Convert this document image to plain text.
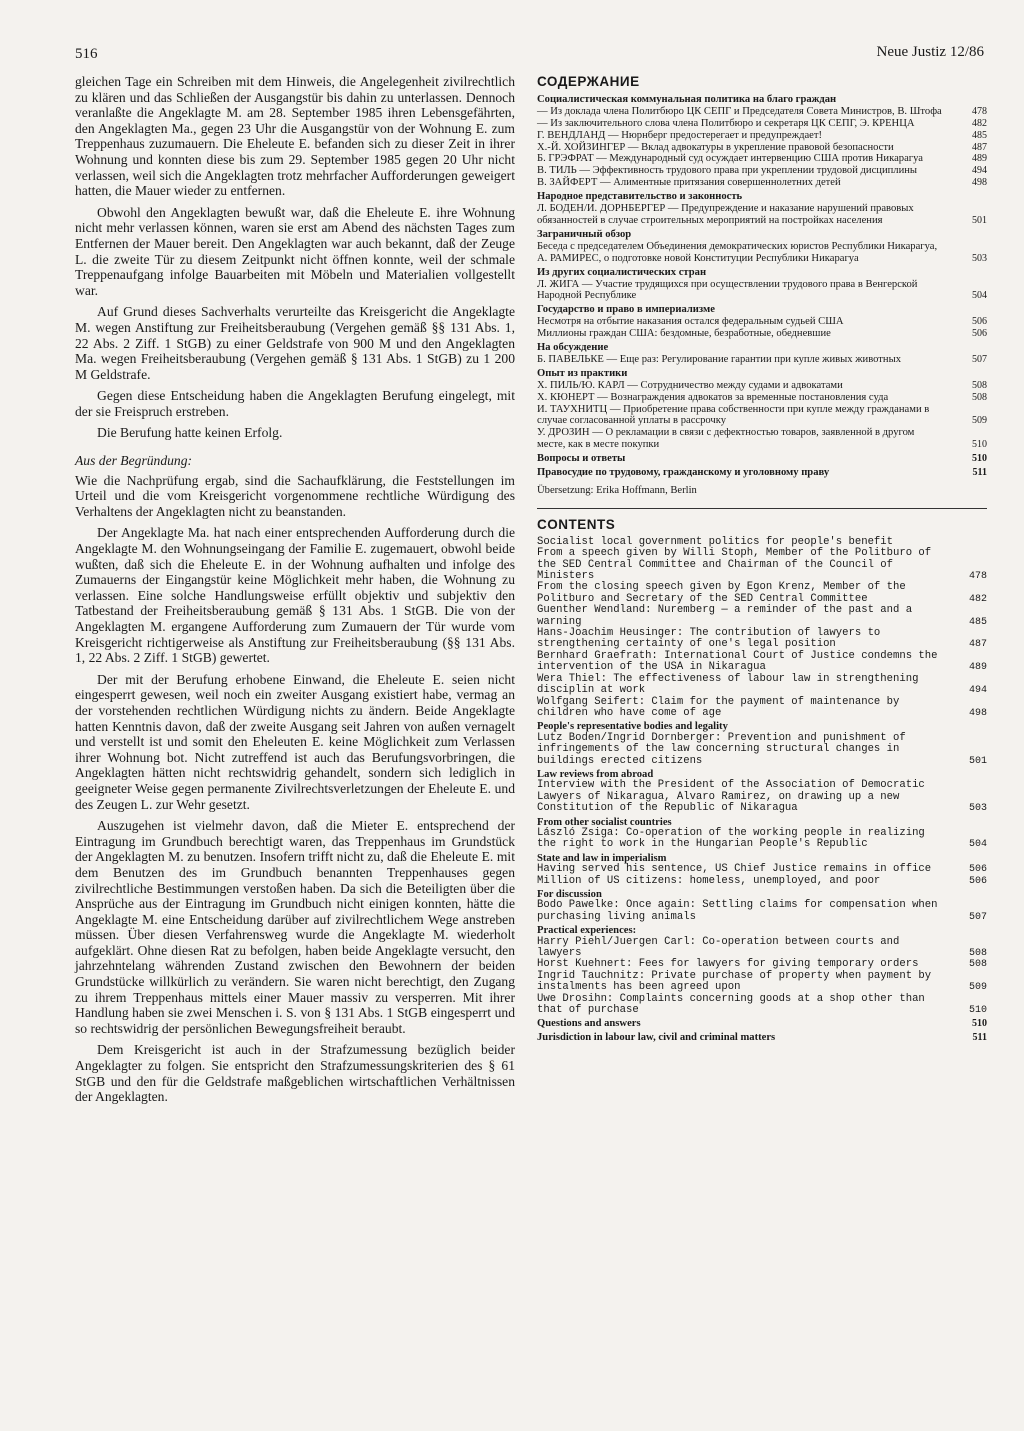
516	Neue Justiz 12/86

gleichen Tage ein Schreiben mit dem Hinweis, die Angelegenheit zivilrechtlich zu klären und das Schließen der Ausgangstür bis dahin zu unterlassen. Dennoch veranlaßte die Angeklagte M. am 28. September 1985 ihren Lebensgefährten, den Angeklagten Ma., gegen 23 Uhr die Ausgangstür von der Wohnung E. zum Treppenhaus zuzumauern. Die Eheleute E. befanden sich zu dieser Zeit in ihrer Wohnung und konnten diese bis zum 29. September 1985 gegen 20 Uhr nicht verlassen, weil sich die Angeklagten trotz mehrfacher Aufforderungen geweigert hatten, die Mauer wieder zu entfernen.

Obwohl den Angeklagten bewußt war, daß die Eheleute E. ihre Wohnung nicht mehr verlassen können, waren sie erst am Abend des nächsten Tages zum Entfernen der Mauer bereit. Den Angeklagten war auch bekannt, daß der Zeuge L. die zweite Tür zu diesem Zeitpunkt nicht öffnen konnte, weil der schmale Treppenaufgang infolge Bauarbeiten mit Möbeln und Materialien vollgestellt war.

Auf Grund dieses Sachverhalts verurteilte das Kreisgericht die Angeklagte M. wegen Anstiftung zur Freiheitsberaubung (Vergehen gemäß §§ 131 Abs. 1, 22 Abs. 2 Ziff. 1 StGB) zu einer Geldstrafe von 900 M und den Angeklagten Ma. wegen Freiheitsberaubung (Vergehen gemäß § 131 Abs. 1 StGB) zu 1 200 M Geldstrafe.

Gegen diese Entscheidung haben die Angeklagten Berufung eingelegt, mit der sie Freispruch erstreben.

Die Berufung hatte keinen Erfolg.

Aus der Begründung:

Wie die Nachprüfung ergab, sind die Sachaufklärung, die Feststellungen im Urteil und die vom Kreisgericht vorgenommene rechtliche Würdigung des Verhaltens der Angeklagten nicht zu beanstanden.

Der Angeklagte Ma. hat nach einer entsprechenden Aufforderung durch die Angeklagte M. den Wohnungseingang der Familie E. zugemauert, obwohl beide wußten, daß sich die Eheleute E. in der Wohnung aufhalten und infolge des Zumauerns der Eingangstür keine Möglichkeit mehr haben, die Wohnung zu verlassen. Eine solche Handlungsweise erfüllt objektiv und subjektiv den Tatbestand der Freiheitsberaubung gemäß § 131 Abs. 1 StGB. Die von der Angeklagten M. ergangene Aufforderung zum Zumauern der Tür wurde vom Kreisgericht richtigerweise als Anstiftung zur Freiheitsberaubung (§§ 131 Abs. 1, 22 Abs. 2 Ziff. 1 StGB) gewertet.

Der mit der Berufung erhobene Einwand, die Eheleute E. seien nicht eingesperrt gewesen, weil noch ein zweiter Ausgang existiert habe, vermag an der vorstehenden rechtlichen Würdigung nichts zu ändern. Beide Angeklagte hatten Kenntnis davon, daß der zweite Ausgang seit Jahren von außen vernagelt und verstellt ist und somit den Eheleuten E. keine Möglichkeit zum Verlassen ihrer Wohnung bot. Nicht zutreffend ist auch das Berufungsvorbringen, die Angeklagten hätten nicht rechtswidrig gehandelt, sondern sich lediglich in geeigneter Weise gegen permanente Zivilrechtsverletzungen der Eheleute E. und des Zeugen L. zur Wehr gesetzt.

Auszugehen ist vielmehr davon, daß die Mieter E. entsprechend der Eintragung im Grundbuch berechtigt waren, das Treppenhaus im Grundstück der Angeklagten M. zu benutzen. Insofern trifft nicht zu, daß die Eheleute E. mit dem Benutzen des im Grundbuch benannten Treppenhauses gegen zivilrechtliche Bestimmungen verstoßen haben. Da sich die Beteiligten über die Ansprüche aus der Eintragung im Grundbuch nicht einigen konnten, hätte die Angeklagte M. eine Entscheidung darüber auf zivilrechtlichem Wege anstreben müssen. Über diesen Verfahrensweg wurde die Angeklagte M. wiederholt aufgeklärt. Ohne diesen Rat zu befolgen, haben beide Angeklagte versucht, den jahrzehntelang währenden Zustand zwischen den Bewohnern der beiden Grundstücke willkürlich zu verändern. Sie waren nicht berechtigt, den Zugang zu ihrem Treppenhaus mittels einer Mauer massiv zu versperren. Mit ihrer Handlung haben sie zwei Menschen i. S. von § 131 Abs. 1 StGB eingesperrt und so rechtswidrig der persönlichen Bewegungsfreiheit beraubt.

Dem Kreisgericht ist auch in der Strafzumessung bezüglich beider Angeklagter zu folgen. Sie entspricht den Strafzumessungskriterien des § 61 StGB und den für die Geldstrafe maßgeblichen wirtschaftlichen Verhältnissen der Angeklagten.

СОДЕРЖАНИЕ
Социалистическая коммунальная политика на благо граждан
— Из доклада члена Политбюро ЦК СЕПГ и Председателя Совета Министров, В. Штофа	478
— Из заключительного слова члена Политбюро и секретаря ЦК СЕПГ, Э. КРЕНЦА	482
Г. ВЕНДЛАНД — Нюрнберг предостерегает и предупреждает!	485
Х.-Й. ХОЙЗИНГЕР — Вклад адвокатуры в укрепление правовой безопасности	487
Б. ГРЭФРАТ — Международный суд осуждает интервенцию США против Никарагуа	489
В. ТИЛЬ — Эффективность трудового права при укреплении трудовой дисциплины	494
В. ЗАЙФЕРТ — Алиментные притязания совершеннолетних детей	498
Народное представительство и законность
Л. БОДЕН/И. ДОРНБЕРГЕР — Предупреждение и наказание нарушений правовых обязанностей в случае строительных мероприятий на постройках населения	501
Заграничный обзор
Беседа с председателем Объединения демократических юристов Республики Никарагуа, А. РАМИРЕС, о подготовке новой Конституции Республики Никарагуа	503
Из других социалистических стран
Л. ЖИГА — Участие трудящихся при осуществлении трудового права в Венгерской Народной Республике	504
Государство и право в империализме
Несмотря на отбытие наказания остался федеральным судьей США	506
Миллионы граждан США: бездомные, безработные, обедневшие	506
На обсуждение
Б. ПАВЕЛЬКЕ — Еще раз: Регулирование гарантии при купле живых животных	507
Опыт из практики
Х. ПИЛЬ/Ю. КАРЛ — Сотрудничество между судами и адвокатами	508
Х. КЮНЕРТ — Вознаграждения адвокатов за временные постановления суда	508
И. ТАУХНИТЦ — Приобретение права собственности при купле между гражданами в случае согласованной уплаты в рассрочку	509
У. ДРОЗИН — О рекламации в связи с дефектностью товаров, заявленной в другом месте, как в месте покупки	510
Вопросы и ответы	510
Правосудие по трудовому, гражданскому и уголовному праву	511
Übersetzung: Erika Hoffmann, Berlin
CONTENTS
Socialist local government politics for people's benefit
From a speech given by Willi Stoph, Member of the Politburo of the SED Central Committee and Chairman of the Council of Ministers	478
From the closing speech given by Egon Krenz, Member of the Politburo and Secretary of the SED Central Committee	482
Guenther Wendland: Nuremberg — a reminder of the past and a warning	485
Hans-Joachim Heusinger: The contribution of lawyers to strengthening certainty of one's legal position	487
Bernhard Graefrath: International Court of Justice condemns the intervention of the USA in Nikaragua	489
Wera Thiel: The effectiveness of labour law in strengthening disciplin at work	494
Wolfgang Seifert: Claim for the payment of maintenance by children who have come of age	498
People's representative bodies and legality
Lutz Boden/Ingrid Dornberger: Prevention and punishment of infringements of the law concerning structural changes in buildings erected citizens	501
Law reviews from abroad
Interview with the President of the Association of Democratic Lawyers of Nikaragua, Alvaro Ramirez, on drawing up a new Constitution of the Republic of Nikaragua	503
From other socialist countries
László Zsiga: Co-operation of the working people in realizing the right to work in the Hungarian People's Republic	504
State and law in imperialism
Having served his sentence, US Chief Justice remains in office	506
Million of US citizens: homeless, unemployed, and poor	506
For discussion
Bodo Pawelke: Once again: Settling claims for compensation when purchasing living animals	507
Practical experiences:
Harry Piehl/Juergen Carl: Co-operation between courts and lawyers	508
Horst Kuehnert: Fees for lawyers for giving temporary orders	508
Ingrid Tauchnitz: Private purchase of property when payment by instalments has been agreed upon	509
Uwe Drosihn: Complaints concerning goods at a shop other than that of purchase	510
Questions and answers	510
Jurisdiction in labour law, civil and criminal matters	511
